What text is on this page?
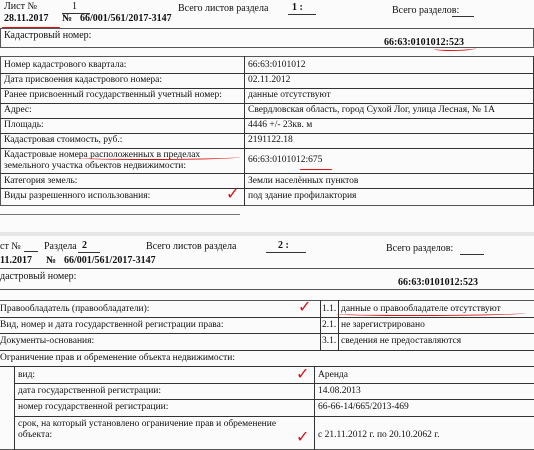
Лист №	1	Всего листов раздела 1 :	Всего разделов:
28.11.2017 № 66/001/561/2017-3147
Кадастровый номер:
66:63:0101012:523
Номер кадастрового квартала:	66:63:0101012
Дата присвоения кадастрового номера:	02.11.2012
Ранее присвоенный государственный учетный номер:	данные отсутствуют
Адрес:	Свердловская область, город Сухой Лог, улица Лесная, № 1А
Площадь:	4446 +/- 23кв. м
Кадастровая стоимость, руб.:	2191122.18
Кадастровые номера расположенных в пределах
земельного участка объектов недвижимости:
66:63:0101012:675
Категория земель:	Земли населённых пунктов
Виды разрешенного использования:	под здание профилактория
✓
ст № Раздела 2	Всего листов раздела	2 :	Всего разделов:
11.2017 № 66/001/561/2017-3147
дастровый номер:
66:63:0101012:523
Правообладатель (правообладатели):	1.1. данные о правообладателе отсутствуют
✓
Вид, номер и дата государственной регистрации права:	2.1. не зарегистрировано
Документы-основания:	3.1. сведения не предоставляются
Ограничение прав и обременение объекта недвижимости:
вид:	Аренда
✓
дата государственной регистрации:	14.08.2013
номер государственной регистрации:	66-66-14/665/2013-469
срок, на который установлено ограничение прав и обременение
объекта:	с 21.11.2012 г. по 20.10.2062 г.
✓
